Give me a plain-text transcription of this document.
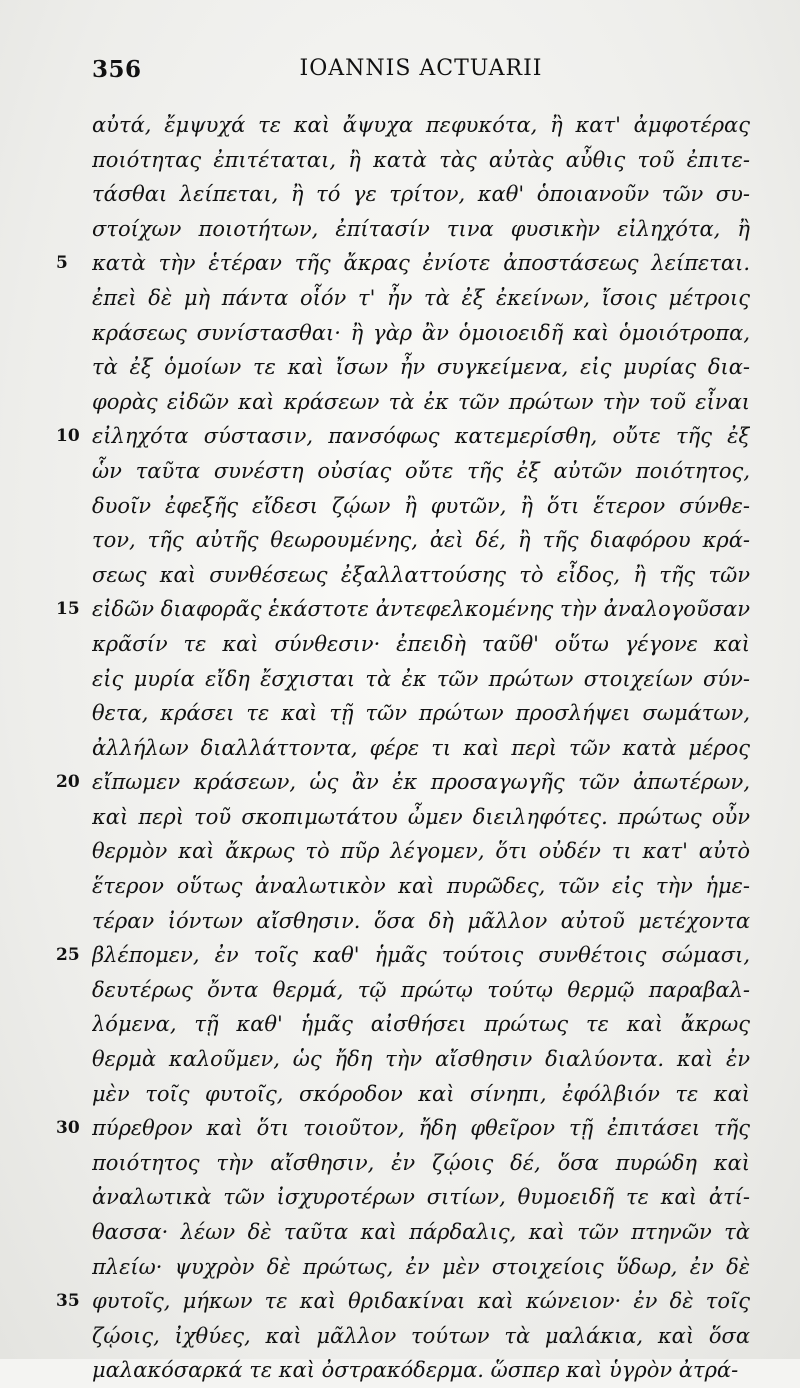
356	IOANNIS ACTUARII
αὐτά, ἔμψυχά τε καὶ ἄψυχα πεφυκότα, ἢ κατ' ἀμφοτέρας
ποιότητας ἐπιτέταται, ἢ κατὰ τὰς αὐτὰς αὖθις τοῦ ἐπιτε-
τάσθαι λείπεται, ἢ τό γε τρίτον, καθ' ὁποιανοῦν τῶν συ-
στοίχων ποιοτήτων, ἐπίτασίν τινα φυσικὴν εἰληχότα, ἢ
5	κατὰ τὴν ἑτέραν τῆς ἄκρας ἐνίοτε ἀποστάσεως λείπεται.
ἐπεὶ δὲ μὴ πάντα οἷόν τ' ἦν τὰ ἐξ ἐκείνων, ἴσοις μέτροις
κράσεως συνίστασθαι· ἢ γὰρ ἂν ὁμοιοειδῆ καὶ ὁμοιότροπα,
τὰ ἐξ ὁμοίων τε καὶ ἴσων ἦν συγκείμενα, εἰς μυρίας δια-
φορὰς εἰδῶν καὶ κράσεων τὰ ἐκ τῶν πρώτων τὴν τοῦ εἶναι
10 εἰληχότα σύστασιν, πανσόφως κατεμερίσθη, οὔτε τῆς ἐξ
ὧν ταῦτα συνέστη οὐσίας οὔτε τῆς ἐξ αὐτῶν ποιότητος,
δυοῖν ἐφεξῆς εἴδεσι ζῴων ἢ φυτῶν, ἢ ὅτι ἕτερον σύνθε-
τον, τῆς αὐτῆς θεωρουμένης, ἀεὶ δέ, ἢ τῆς διαφόρου κρά-
σεως καὶ συνθέσεως ἐξαλλαττούσης τὸ εἶδος, ἢ τῆς τῶν
15 εἰδῶν διαφορᾶς ἑκάστοτε ἀντεφελκομένης τὴν ἀναλογοῦσαν
κρᾶσίν τε καὶ σύνθεσιν· ἐπειδὴ ταῦθ' οὕτω γέγονε καὶ
εἰς μυρία εἴδη ἔσχισται τὰ ἐκ τῶν πρώτων στοιχείων σύν-
θετα, κράσει τε καὶ τῇ τῶν πρώτων προσλήψει σωμάτων,
ἀλλήλων διαλλάττοντα, φέρε τι καὶ περὶ τῶν κατὰ μέρος
20 εἴπωμεν κράσεων, ὡς ἂν ἐκ προσαγωγῆς τῶν ἀπωτέρων,
καὶ περὶ τοῦ σκοπιμωτάτου ὦμεν διειληφότες. πρώτως οὖν
θερμὸν καὶ ἄκρως τὸ πῦρ λέγομεν, ὅτι οὐδέν τι κατ' αὐτὸ
ἕτερον οὕτως ἀναλωτικὸν καὶ πυρῶδες, τῶν εἰς τὴν ἡμε-
τέραν ἰόντων αἴσθησιν. ὅσα δὴ μᾶλλον αὐτοῦ μετέχοντα
25 βλέπομεν, ἐν τοῖς καθ' ἡμᾶς τούτοις συνθέτοις σώμασι,
δευτέρως ὄντα θερμά, τῷ πρώτῳ τούτῳ θερμῷ παραβαλ-
λόμενα, τῇ καθ' ἡμᾶς αἰσθήσει πρώτως τε καὶ ἄκρως
θερμὰ καλοῦμεν, ὡς ἤδη τὴν αἴσθησιν διαλύοντα. καὶ ἐν
μὲν τοῖς φυτοῖς, σκόροδον καὶ σίνηπι, ἐφόλβιόν τε καὶ
30 πύρεθρον καὶ ὅτι τοιοῦτον, ἤδη φθεῖρον τῇ ἐπιτάσει τῆς
ποιότητος τὴν αἴσθησιν, ἐν ζῴοις δέ, ὅσα πυρώδη καὶ
ἀναλωτικὰ τῶν ἰσχυροτέρων σιτίων, θυμοειδῆ τε καὶ ἀτί-
θασσα· λέων δὲ ταῦτα καὶ πάρδαλις, καὶ τῶν πτηνῶν τὰ
πλείω· ψυχρὸν δὲ πρώτως, ἐν μὲν στοιχείοις ὕδωρ, ἐν δὲ
35 φυτοῖς, μήκων τε καὶ θριδακίναι καὶ κώνειον· ἐν δὲ τοῖς
ζῴοις, ἰχθύες, καὶ μᾶλλον τούτων τὰ μαλάκια, καὶ ὅσα
μαλακόσαρκά τε καὶ ὀστρακόδερμα. ὥσπερ καὶ ὑγρὸν ἀτρά-
